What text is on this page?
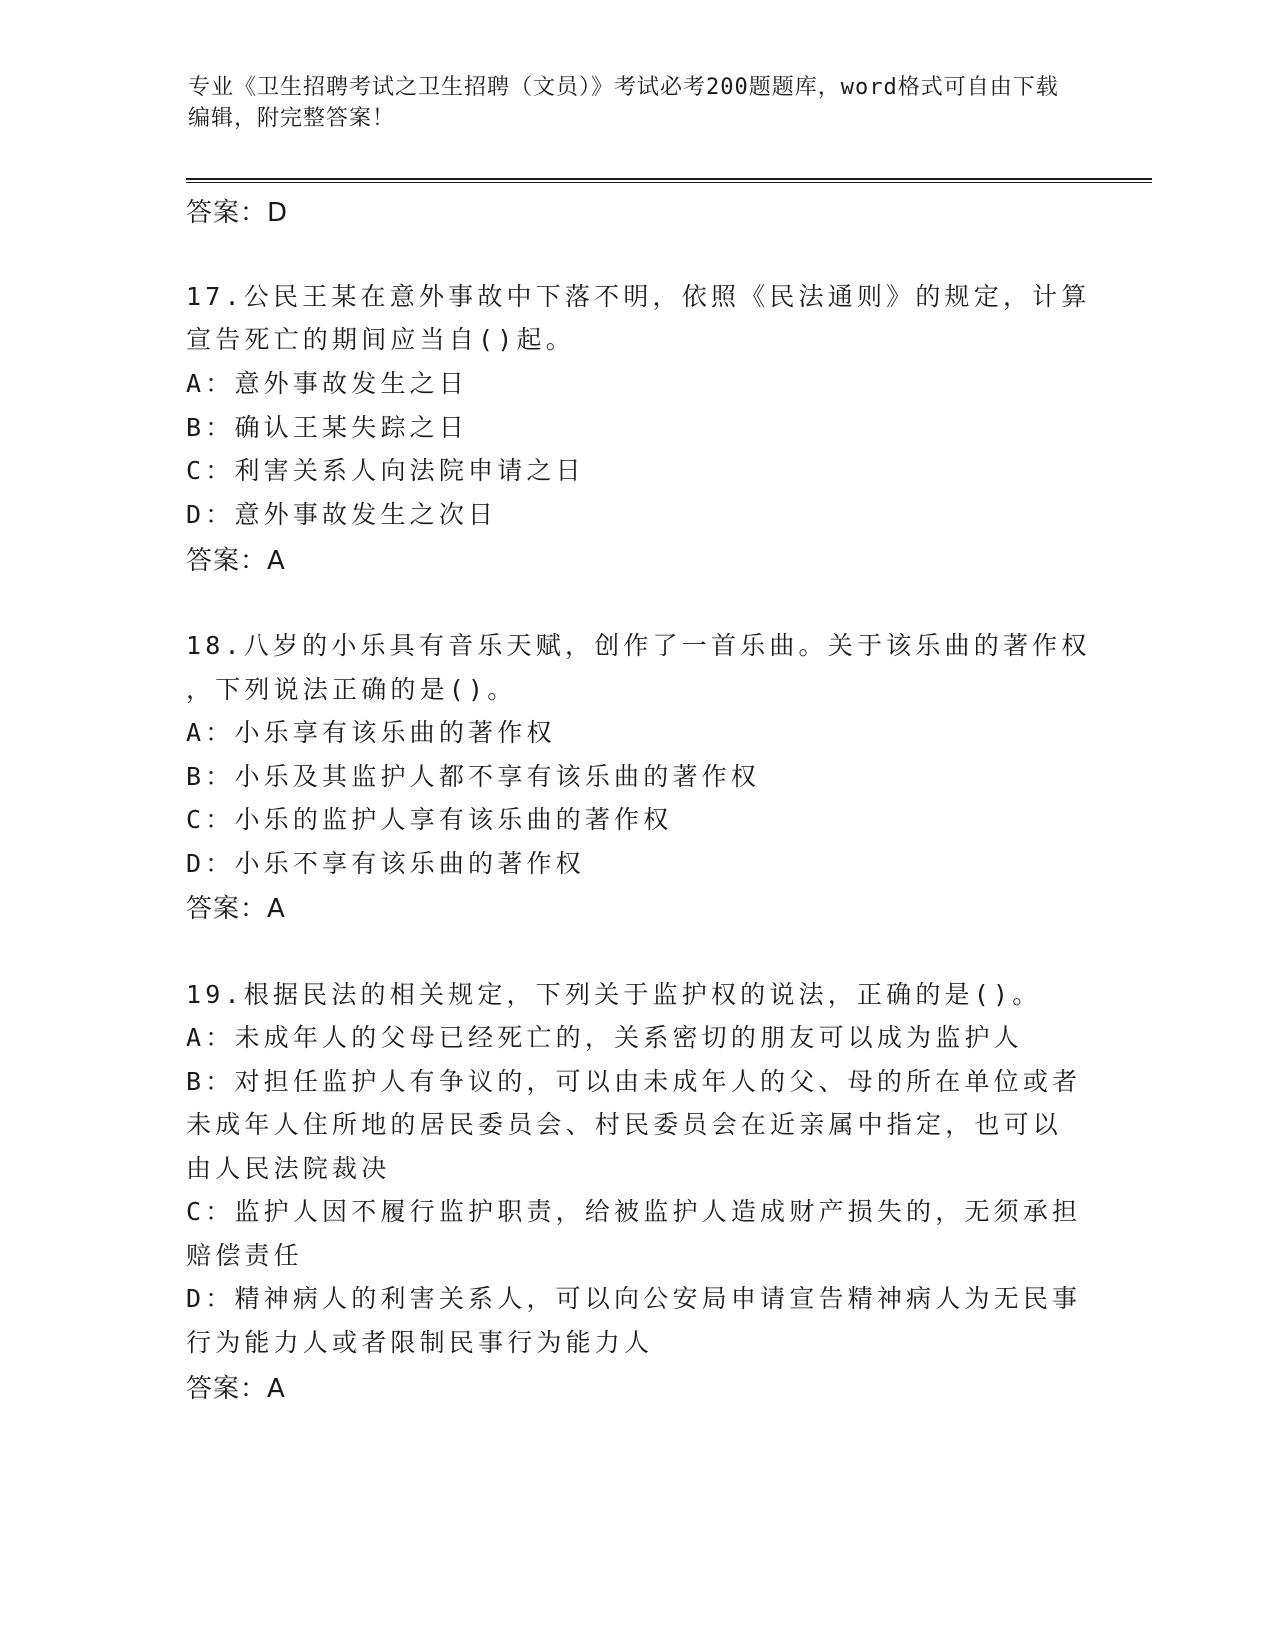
专业《卫生招聘考试之卫生招聘（文员）》考试必考200题题库，word格式可自由下载编辑，附完整答案！
答案：D
17.公民王某在意外事故中下落不明，依照《民法通则》的规定，计算
宣告死亡的期间应当自()起。
A：意外事故发生之日
B：确认王某失踪之日
C：利害关系人向法院申请之日
D：意外事故发生之次日
答案：A
18.八岁的小乐具有音乐天赋，创作了一首乐曲。关于该乐曲的著作权
，下列说法正确的是()。
A：小乐享有该乐曲的著作权
B：小乐及其监护人都不享有该乐曲的著作权
C：小乐的监护人享有该乐曲的著作权
D：小乐不享有该乐曲的著作权
答案：A
19.根据民法的相关规定，下列关于监护权的说法，正确的是()。
A：未成年人的父母已经死亡的，关系密切的朋友可以成为监护人
B：对担任监护人有争议的，可以由未成年人的父、母的所在单位或者
未成年人住所地的居民委员会、村民委员会在近亲属中指定，也可以
由人民法院裁决
C：监护人因不履行监护职责，给被监护人造成财产损失的，无须承担
赔偿责任
D：精神病人的利害关系人，可以向公安局申请宣告精神病人为无民事
行为能力人或者限制民事行为能力人
答案：A
